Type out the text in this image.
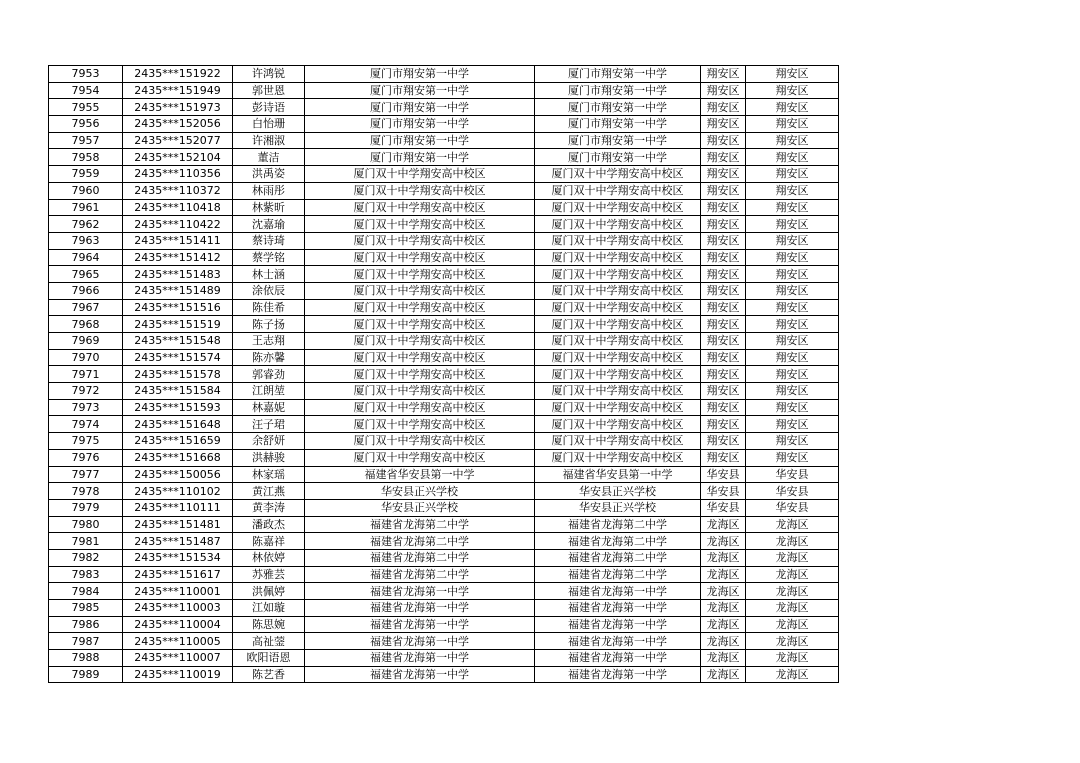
7953	2435***151922	许鸿锐	厦门市翔安第一中学	厦门市翔安第一中学	翔安区	翔安区
7954	2435***151949	郭世恩	厦门市翔安第一中学	厦门市翔安第一中学	翔安区	翔安区
7955	2435***151973	彭诗语	厦门市翔安第一中学	厦门市翔安第一中学	翔安区	翔安区
7956	2435***152056	白怡珊	厦门市翔安第一中学	厦门市翔安第一中学	翔安区	翔安区
7957	2435***152077	许湘淑	厦门市翔安第一中学	厦门市翔安第一中学	翔安区	翔安区
7958	2435***152104	董洁	厦门市翔安第一中学	厦门市翔安第一中学	翔安区	翔安区
7959	2435***110356	洪禹姿	厦门双十中学翔安高中校区	厦门双十中学翔安高中校区	翔安区	翔安区
7960	2435***110372	林雨彤	厦门双十中学翔安高中校区	厦门双十中学翔安高中校区	翔安区	翔安区
7961	2435***110418	林紫昕	厦门双十中学翔安高中校区	厦门双十中学翔安高中校区	翔安区	翔安区
7962	2435***110422	沈嘉瑜	厦门双十中学翔安高中校区	厦门双十中学翔安高中校区	翔安区	翔安区
7963	2435***151411	蔡诗琦	厦门双十中学翔安高中校区	厦门双十中学翔安高中校区	翔安区	翔安区
7964	2435***151412	蔡学铭	厦门双十中学翔安高中校区	厦门双十中学翔安高中校区	翔安区	翔安区
7965	2435***151483	林士涵	厦门双十中学翔安高中校区	厦门双十中学翔安高中校区	翔安区	翔安区
7966	2435***151489	涂依辰	厦门双十中学翔安高中校区	厦门双十中学翔安高中校区	翔安区	翔安区
7967	2435***151516	陈佳希	厦门双十中学翔安高中校区	厦门双十中学翔安高中校区	翔安区	翔安区
7968	2435***151519	陈子扬	厦门双十中学翔安高中校区	厦门双十中学翔安高中校区	翔安区	翔安区
7969	2435***151548	王志翔	厦门双十中学翔安高中校区	厦门双十中学翔安高中校区	翔安区	翔安区
7970	2435***151574	陈亦馨	厦门双十中学翔安高中校区	厦门双十中学翔安高中校区	翔安区	翔安区
7971	2435***151578	郭睿劲	厦门双十中学翔安高中校区	厦门双十中学翔安高中校区	翔安区	翔安区
7972	2435***151584	江朗堃	厦门双十中学翔安高中校区	厦门双十中学翔安高中校区	翔安区	翔安区
7973	2435***151593	林嘉妮	厦门双十中学翔安高中校区	厦门双十中学翔安高中校区	翔安区	翔安区
7974	2435***151648	汪子珺	厦门双十中学翔安高中校区	厦门双十中学翔安高中校区	翔安区	翔安区
7975	2435***151659	余舒妍	厦门双十中学翔安高中校区	厦门双十中学翔安高中校区	翔安区	翔安区
7976	2435***151668	洪赫骏	厦门双十中学翔安高中校区	厦门双十中学翔安高中校区	翔安区	翔安区
7977	2435***150056	林家瑶	福建省华安县第一中学	福建省华安县第一中学	华安县	华安县
7978	2435***110102	黄江燕	华安县正兴学校	华安县正兴学校	华安县	华安县
7979	2435***110111	黄李涛	华安县正兴学校	华安县正兴学校	华安县	华安县
7980	2435***151481	潘政杰	福建省龙海第二中学	福建省龙海第二中学	龙海区	龙海区
7981	2435***151487	陈嘉祥	福建省龙海第二中学	福建省龙海第二中学	龙海区	龙海区
7982	2435***151534	林依婷	福建省龙海第二中学	福建省龙海第二中学	龙海区	龙海区
7983	2435***151617	苏雅芸	福建省龙海第二中学	福建省龙海第二中学	龙海区	龙海区
7984	2435***110001	洪佩婷	福建省龙海第一中学	福建省龙海第一中学	龙海区	龙海区
7985	2435***110003	江如璇	福建省龙海第一中学	福建省龙海第一中学	龙海区	龙海区
7986	2435***110004	陈思婉	福建省龙海第一中学	福建省龙海第一中学	龙海区	龙海区
7987	2435***110005	高祉蓥	福建省龙海第一中学	福建省龙海第一中学	龙海区	龙海区
7988	2435***110007	欧阳语恩	福建省龙海第一中学	福建省龙海第一中学	龙海区	龙海区
7989	2435***110019	陈艺香	福建省龙海第一中学	福建省龙海第一中学	龙海区	龙海区
